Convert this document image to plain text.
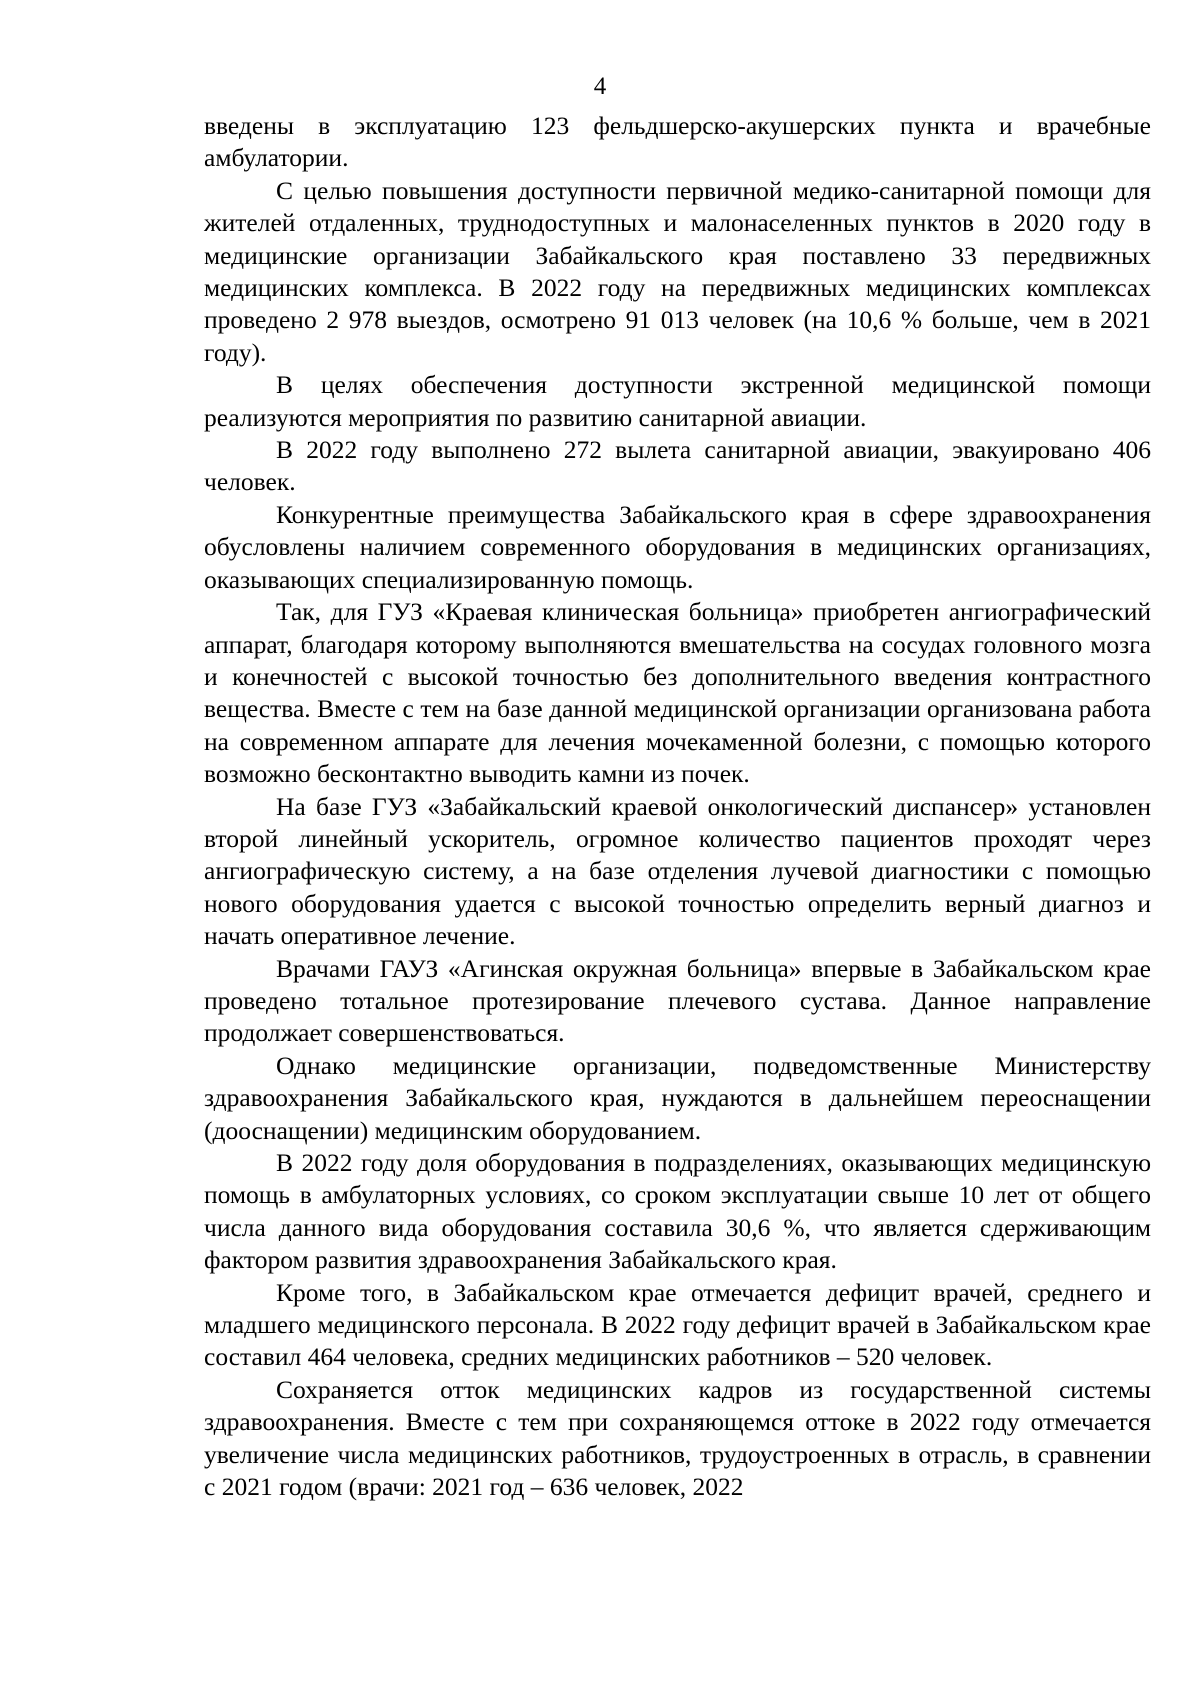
4

введены в эксплуатацию 123 фельдшерско-акушерских пункта и врачебные амбулатории.

С целью повышения доступности первичной медико-санитарной помощи для жителей отдаленных, труднодоступных и малонаселенных пунктов в 2020 году в медицинские организации Забайкальского края поставлено 33 передвижных медицинских комплекса. В 2022 году на передвижных медицинских комплексах проведено 2 978 выездов, осмотрено 91 013 человек (на 10,6 % больше, чем в 2021 году).

В целях обеспечения доступности экстренной медицинской помощи реализуются мероприятия по развитию санитарной авиации.

В 2022 году выполнено 272 вылета санитарной авиации, эвакуировано 406 человек.

Конкурентные преимущества Забайкальского края в сфере здравоохранения обусловлены наличием современного оборудования в медицинских организациях, оказывающих специализированную помощь.

Так, для ГУЗ «Краевая клиническая больница» приобретен ангиографический аппарат, благодаря которому выполняются вмешательства на сосудах головного мозга и конечностей с высокой точностью без дополнительного введения контрастного вещества. Вместе с тем на базе данной медицинской организации организована работа на современном аппарате для лечения мочекаменной болезни, с помощью которого возможно бесконтактно выводить камни из почек.

На базе ГУЗ «Забайкальский краевой онкологический диспансер» установлен второй линейный ускоритель, огромное количество пациентов проходят через ангиографическую систему, а на базе отделения лучевой диагностики с помощью нового оборудования удается с высокой точностью определить верный диагноз и начать оперативное лечение.

Врачами ГАУЗ «Агинская окружная больница» впервые в Забайкальском крае проведено тотальное протезирование плечевого сустава. Данное направление продолжает совершенствоваться.

Однако медицинские организации, подведомственные Министерству здравоохранения Забайкальского края, нуждаются в дальнейшем переоснащении (дооснащении) медицинским оборудованием.

В 2022 году доля оборудования в подразделениях, оказывающих медицинскую помощь в амбулаторных условиях, со сроком эксплуатации свыше 10 лет от общего числа данного вида оборудования составила 30,6 %, что является сдерживающим фактором развития здравоохранения Забайкальского края.

Кроме того, в Забайкальском крае отмечается дефицит врачей, среднего и младшего медицинского персонала. В 2022 году дефицит врачей в Забайкальском крае составил 464 человека, средних медицинских работников – 520 человек.

Сохраняется отток медицинских кадров из государственной системы здравоохранения. Вместе с тем при сохраняющемся оттоке в 2022 году отмечается увеличение числа медицинских работников, трудоустроенных в отрасль, в сравнении с 2021 годом (врачи: 2021 год – 636 человек, 2022
